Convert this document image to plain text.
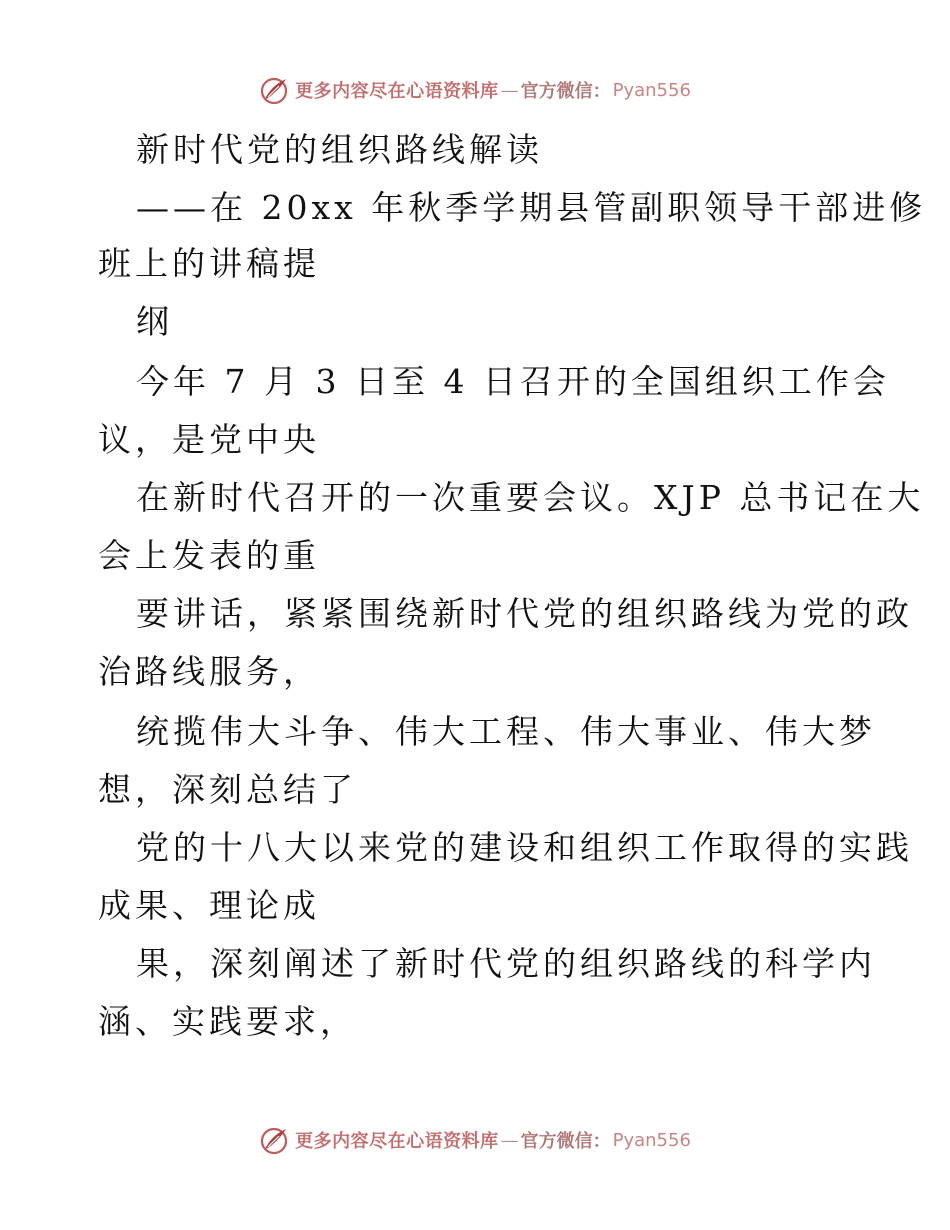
更多内容尽在心语资料库 — 官方微信： Pyan556
新时代党的组织路线解读
——在 20xx 年秋季学期县管副职领导干部进修
班上的讲稿提
纲
今年 7 月 3 日至 4 日召开的全国组织工作会
议，是党中央
在新时代召开的一次重要会议。XJP 总书记在大
会上发表的重
要讲话，紧紧围绕新时代党的组织路线为党的政
治路线服务，
统揽伟大斗争、伟大工程、伟大事业、伟大梦
想，深刻总结了
党的十八大以来党的建设和组织工作取得的实践
成果、理论成
果，深刻阐述了新时代党的组织路线的科学内
涵、实践要求，
更多内容尽在心语资料库 — 官方微信： Pyan556
